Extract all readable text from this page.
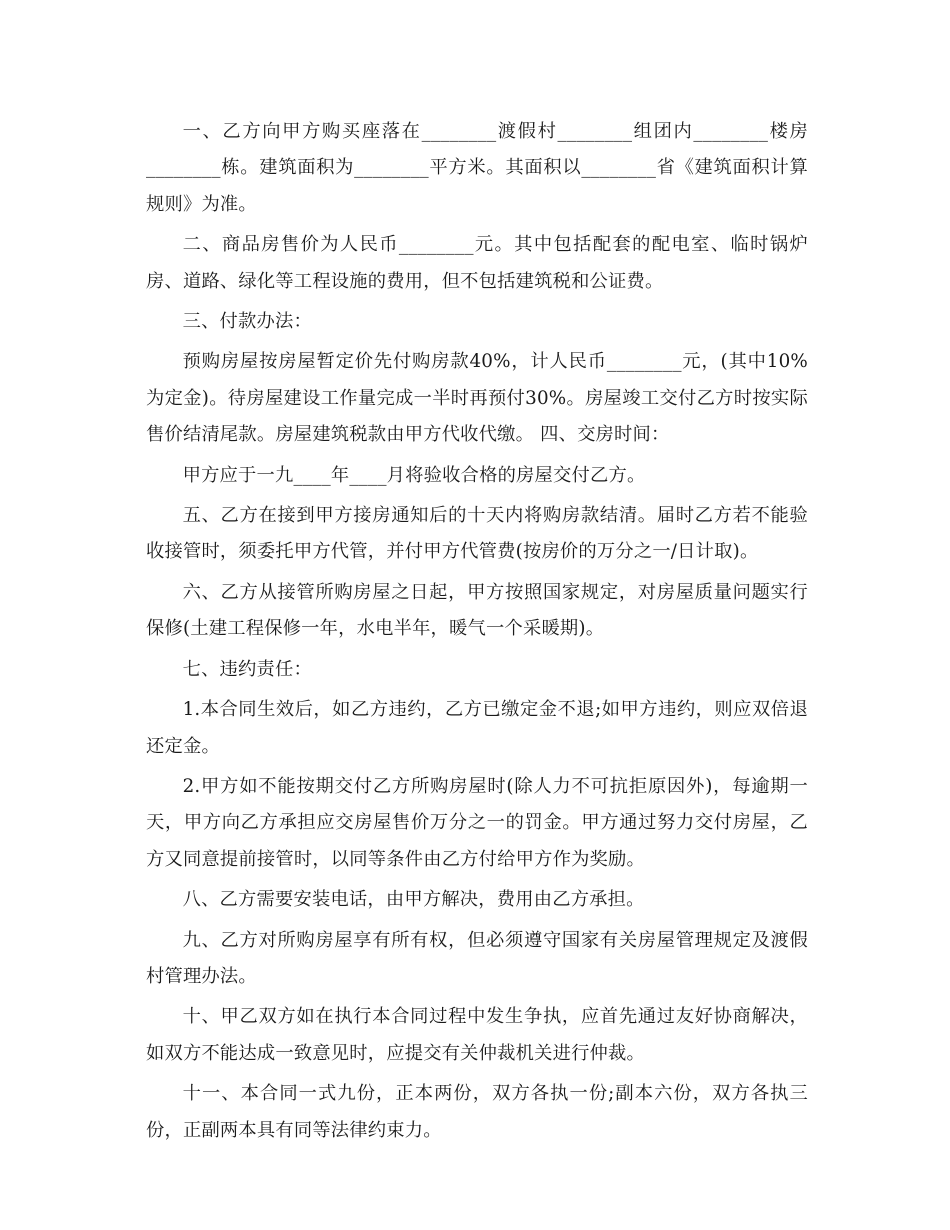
一、乙方向甲方购买座落在________渡假村________组团内________楼房________栋。建筑面积为________平方米。其面积以________省《建筑面积计算规则》为准。

二、商品房售价为人民币________元。其中包括配套的配电室、临时锅炉房、道路、绿化等工程设施的费用，但不包括建筑税和公证费。

三、付款办法：

预购房屋按房屋暂定价先付购房款40%，计人民币________元，(其中10%为定金)。待房屋建设工作量完成一半时再预付30%。房屋竣工交付乙方时按实际售价结清尾款。房屋建筑税款由甲方代收代缴。 四、交房时间：

甲方应于一九____年____月将验收合格的房屋交付乙方。

五、乙方在接到甲方接房通知后的十天内将购房款结清。届时乙方若不能验收接管时，须委托甲方代管，并付甲方代管费(按房价的万分之一/日计取)。

六、乙方从接管所购房屋之日起，甲方按照国家规定，对房屋质量问题实行保修(土建工程保修一年，水电半年，暖气一个采暖期)。

七、违约责任：

1.本合同生效后，如乙方违约，乙方已缴定金不退;如甲方违约，则应双倍退还定金。

2.甲方如不能按期交付乙方所购房屋时(除人力不可抗拒原因外)，每逾期一天，甲方向乙方承担应交房屋售价万分之一的罚金。甲方通过努力交付房屋，乙方又同意提前接管时，以同等条件由乙方付给甲方作为奖励。

八、乙方需要安装电话，由甲方解决，费用由乙方承担。

九、乙方对所购房屋享有所有权，但必须遵守国家有关房屋管理规定及渡假村管理办法。

十、甲乙双方如在执行本合同过程中发生争执，应首先通过友好协商解决，如双方不能达成一致意见时，应提交有关仲裁机关进行仲裁。

十一、本合同一式九份，正本两份，双方各执一份;副本六份，双方各执三份，正副两本具有同等法律约束力。
